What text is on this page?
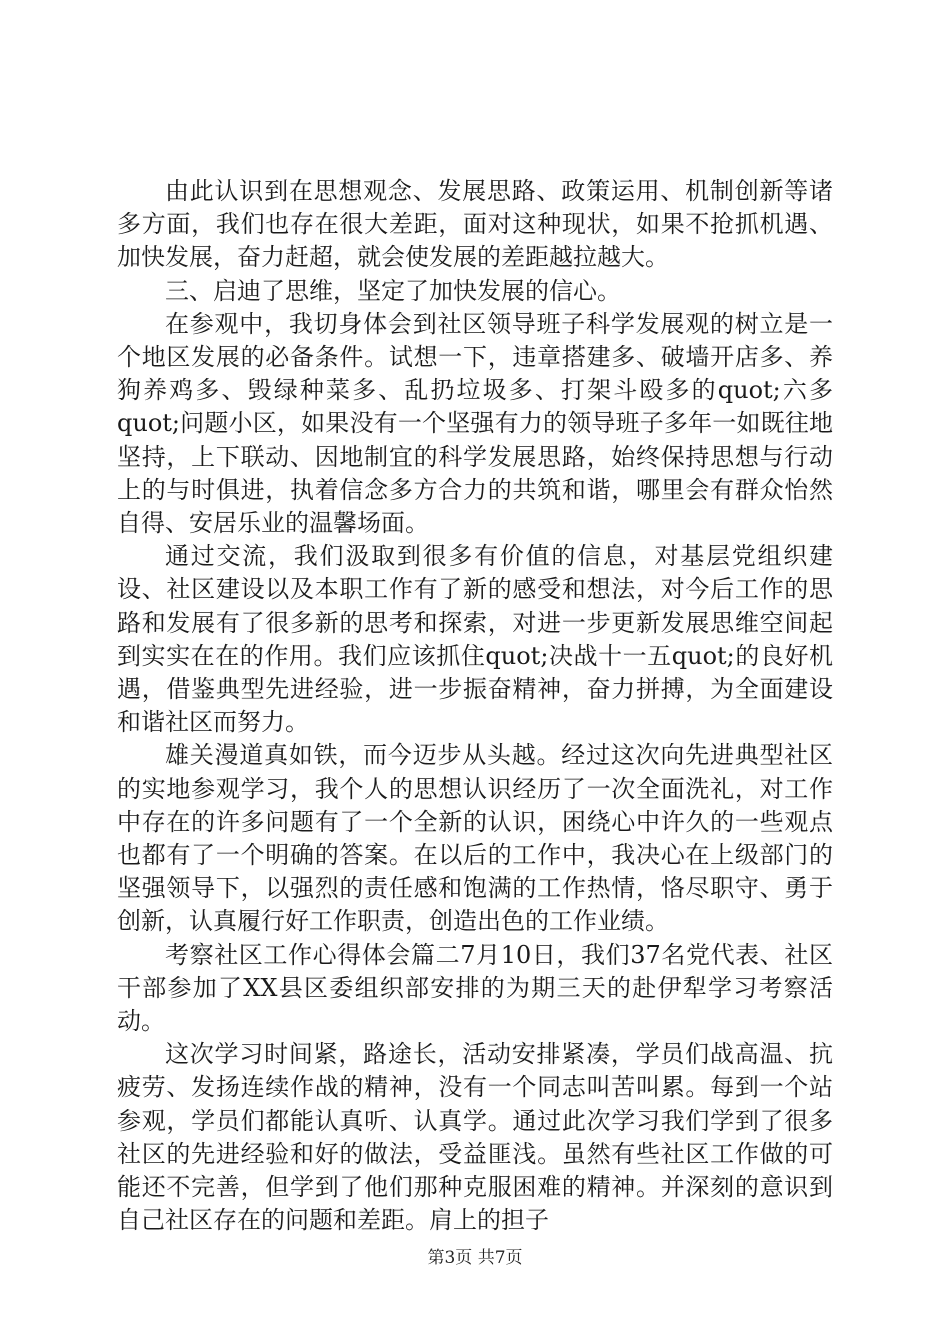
由此认识到在思想观念、发展思路、政策运用、机制创新等诸多方面，我们也存在很大差距，面对这种现状，如果不抢抓机遇、加快发展，奋力赶超，就会使发展的差距越拉越大。

三、启迪了思维，坚定了加快发展的信心。

在参观中，我切身体会到社区领导班子科学发展观的树立是一个地区发展的必备条件。试想一下，违章搭建多、破墙开店多、养狗养鸡多、毁绿种菜多、乱扔垃圾多、打架斗殴多的quot;六多quot;问题小区，如果没有一个坚强有力的领导班子多年一如既往地坚持，上下联动、因地制宜的科学发展思路，始终保持思想与行动上的与时俱进，执着信念多方合力的共筑和谐，哪里会有群众怡然自得、安居乐业的温馨场面。

通过交流，我们汲取到很多有价值的信息，对基层党组织建设、社区建设以及本职工作有了新的感受和想法，对今后工作的思路和发展有了很多新的思考和探索，对进一步更新发展思维空间起到实实在在的作用。我们应该抓住quot;决战十一五quot;的良好机遇，借鉴典型先进经验，进一步振奋精神，奋力拼搏，为全面建设和谐社区而努力。

雄关漫道真如铁，而今迈步从头越。经过这次向先进典型社区的实地参观学习，我个人的思想认识经历了一次全面洗礼，对工作中存在的许多问题有了一个全新的认识，困绕心中许久的一些观点也都有了一个明确的答案。在以后的工作中，我决心在上级部门的坚强领导下，以强烈的责任感和饱满的工作热情，恪尽职守、勇于创新，认真履行好工作职责，创造出色的工作业绩。

考察社区工作心得体会篇二7月10日，我们37名党代表、社区干部参加了XX县区委组织部安排的为期三天的赴伊犁学习考察活动。

这次学习时间紧，路途长，活动安排紧凑，学员们战高温、抗疲劳、发扬连续作战的精神，没有一个同志叫苦叫累。每到一个站参观，学员们都能认真听、认真学。通过此次学习我们学到了很多社区的先进经验和好的做法，受益匪浅。虽然有些社区工作做的可能还不完善，但学到了他们那种克服困难的精神。并深刻的意识到自己社区存在的问题和差距。肩上的担子

第3页 共7页
